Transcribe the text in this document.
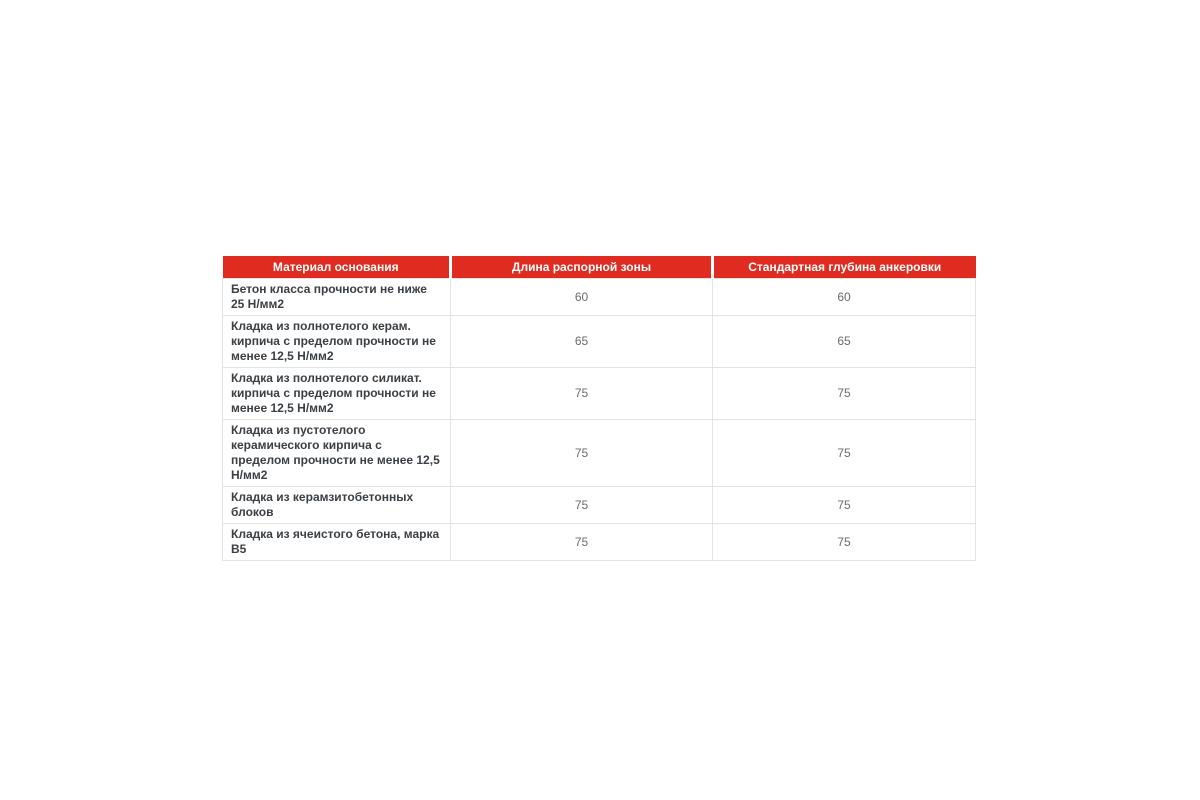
Материал основания	Длина распорной зоны	Стандартная глубина анкеровки
Бетон класса прочности не ниже 25 Н/мм2	60	60
Кладка из полнотелого керам. кирпича с пределом прочности не менее 12,5 Н/мм2	65	65
Кладка из полнотелого силикат. кирпича с пределом прочности не менее 12,5 Н/мм2	75	75
Кладка из пустотелого керамического кирпича с пределом прочности не менее 12,5 Н/мм2	75	75
Кладка из керамзитобетонных блоков	75	75
Кладка из ячеистого бетона, марка В5	75	75
